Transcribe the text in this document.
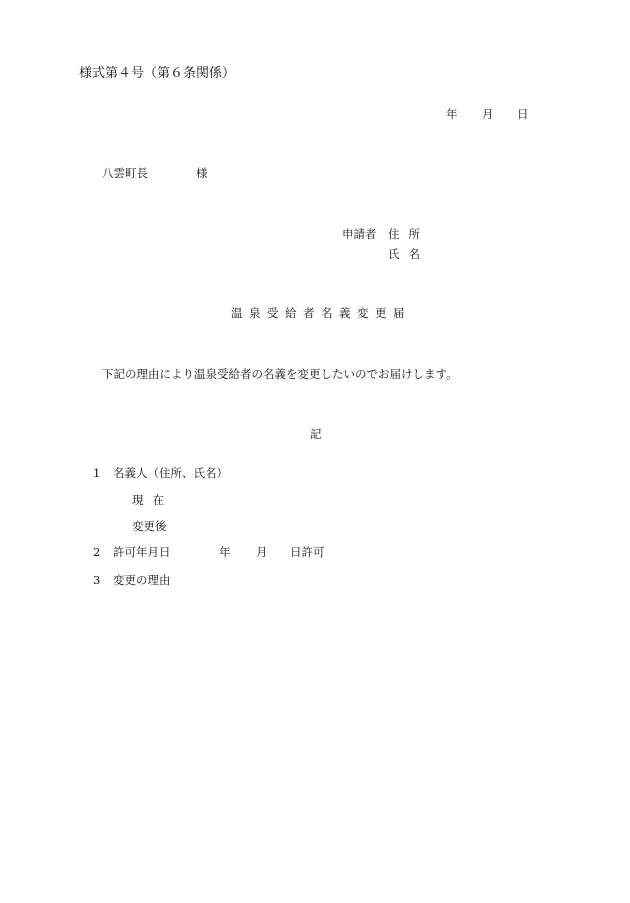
様式第４号（第６条関係）
年 月 日
八雲町長	様
申請者 住所
氏名
温泉受給者名義変更届
下記の理由により温泉受給者の名義を変更したいのでお届けします。
記
1 名義人（住所、氏名）
現在
変更後
2 許可年月日	年 月 日許可
3 変更の理由
